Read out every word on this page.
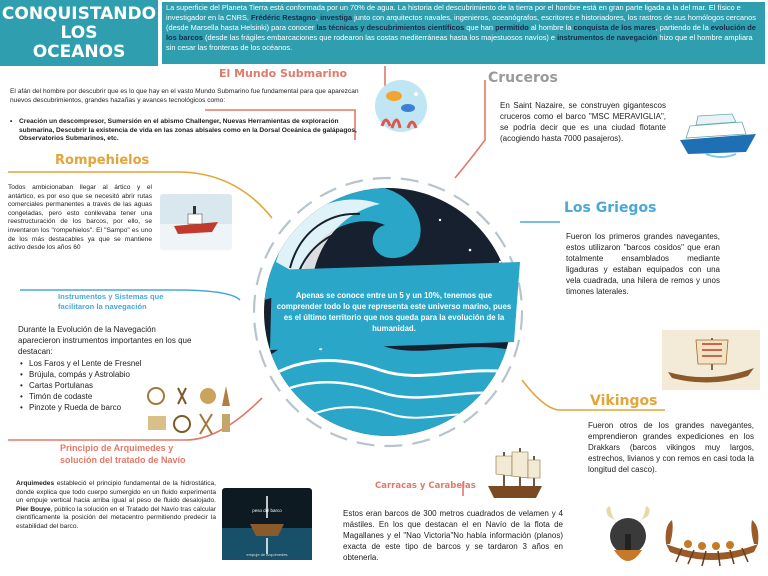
CONQUISTANDO
LOS
OCEANOS
La superficie del Planeta Tierra está conformada por un 70% de agua. La historia del descubrimiento de la tierra por el hombre está en gran parte ligada a la del mar. El físico e investigador en la CNRS, Frédéric Restagno, investiga junto con arquitectos navales, ingenieros, oceanógrafos, escritores e historiadores, los rastros de sus homólogos cercanos (desde Marsella hasta Helsinki) para conocer las técnicas y descubrimientos científicos que han permitido al hombre la conquista de los mares, partiendo de la evolución de los barcos (desde las frágiles embarcaciones que rodearon las costas mediterráneas hasta los majestuosos navíos) e instrumentos de navegación hizo que el hombre ampliara sin cesar las fronteras de los océanos.
Apenas se conoce entre un 5 y un 10%, tenemos que comprender todo lo que representa este universo marino, pues es el último territorio que nos queda para la evolución de la humanidad.
El Mundo Submarino
El afán del hombre por descubrir que es lo que hay en el vasto Mundo Submarino fue fundamental para que aparezcan nuevos descubrimientos, grandes hazañas y avances tecnológicos como:
• Creación un descompresor, Sumersión en el abismo Challenger, Nuevas Herramientas de exploración submarina, Descubrir la existencia de vida en las zonas abisales como en la Dorsal Oceánica de galápagos, Observatorios Submarinos, etc.
Rompehielos
Todos ambicionaban llegar al ártico y el antártico, es por eso que se necesitó abrir rutas comerciales permanentes a través de las aguas congeladas, pero esto conllevaba tener una reestructuración de los barcos, por ello, se inventaron los "rompehielos". El "Sampo" es uno de los más destacables ya que se mantiene activo desde los años 60
Instrumentos y Sistemas que
facilitaron la navegación
Durante la Evolución de la Navegación aparecieron instrumentos importantes en los que destacan:
• Los Faros y el Lente de Fresnel
• Brújula, compás y Astrolabio
• Cartas Portulanas
• Timón de codaste
• Pinzote y Rueda de barco
Principio de Arquimedes y
solución del tratado de Navío
Arquimedes estableció el principio fundamental de la hidrostática, donde explica que todo cuerpo sumergido en un fluido experimenta un empuje vertical hacia arriba igual al peso de fluido desalojado. Pier Bouye, público la solución en el Tratado del Navío tras calcular científicamente la posición del metacentro permitiendo predecir la estabilidad del barco.
peso del barco
empuje de Arquímedes
Cruceros
En Saint Nazaire, se construyen gigantescos cruceros como el barco "MSC MERAVIGLIA", se podría decir que es una ciudad flotante (acogiendo hasta 7000 pasajeros).
Los Griegos
Fueron los primeros grandes navegantes, estos utilizaron "barcos cosidos" que eran totalmente ensamblados mediante ligaduras y estaban equipados con una vela cuadrada, una hilera de remos y unos timones laterales.
Vikingos
Fueron otros de los grandes navegantes, emprendieron grandes expediciones en los Drakkars (barcos vikingos muy largos, estrechos, livianos y con remos en casi toda la longitud del casco).
Carracas y Carabelas
Estos eran barcos de 300 metros cuadrados de velamen y 4 mástiles. En los que destacan el en Navío de la flota de Magallanes y el "Nao Victoria"No había información (planos) exacta de este tipo de barcos y se tardaron 3 años en obtenerla.
